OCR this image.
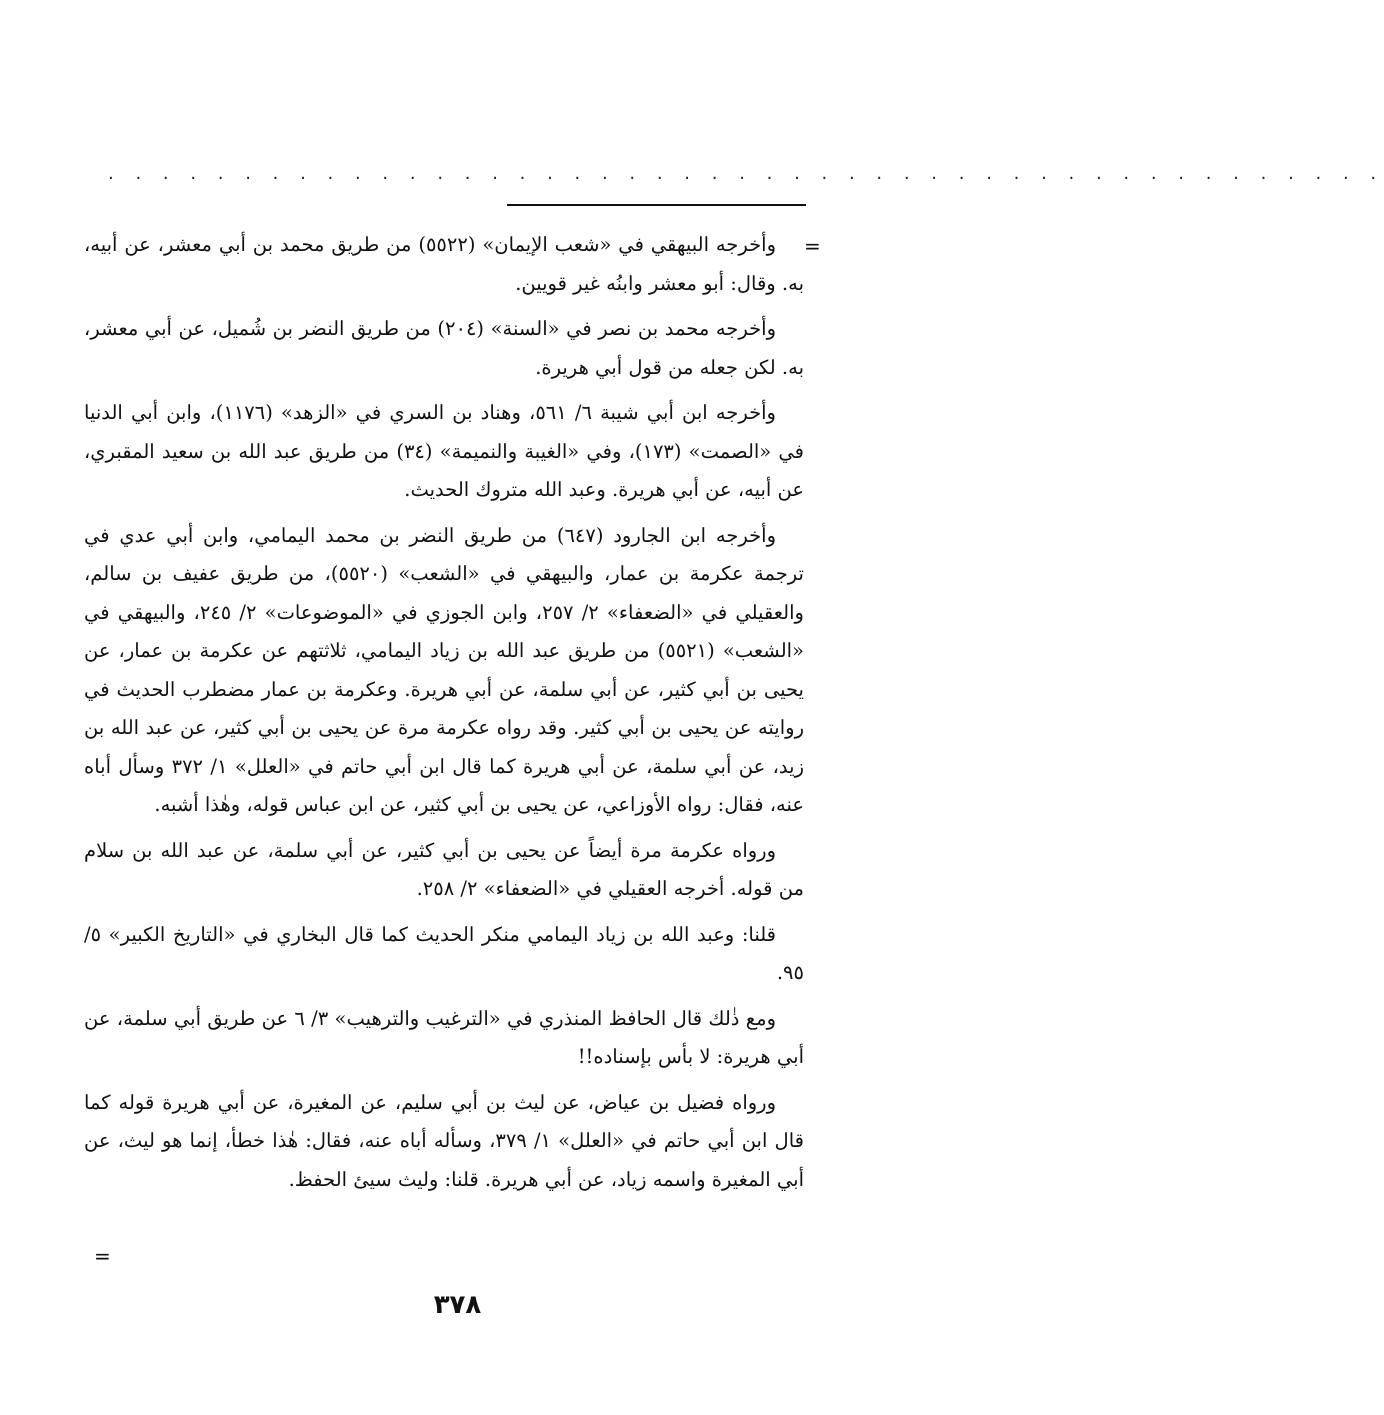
. . . . . . . . . . . . . . . . . . . . . . . . . . . . . . . . . . . . . . . . . . . . . . .
=

وأخرجه البيهقي في «شعب الإيمان» (٥٥٢٢) من طريق محمد بن أبي معشر، عن أبيه، به. وقال: أبو معشر وابنُه غير قويين.

وأخرجه محمد بن نصر في «السنة» (٢٠٤) من طريق النضر بن شُميل، عن أبي معشر، به. لكن جعله من قول أبي هريرة.

وأخرجه ابن أبي شيبة ٦/ ٥٦١، وهناد بن السري في «الزهد» (١١٧٦)، وابن أبي الدنيا في «الصمت» (١٧٣)، وفي «الغيبة والنميمة» (٣٤) من طريق عبد الله بن سعيد المقبري، عن أبيه، عن أبي هريرة. وعبد الله متروك الحديث.

وأخرجه ابن الجارود (٦٤٧) من طريق النضر بن محمد اليمامي، وابن أبي عدي في ترجمة عكرمة بن عمار، والبيهقي في «الشعب» (٥٥٢٠)، من طريق عفيف بن سالم، والعقيلي في «الضعفاء» ٢/ ٢٥٧، وابن الجوزي في «الموضوعات» ٢/ ٢٤٥، والبيهقي في «الشعب» (٥٥٢١) من طريق عبد الله بن زياد اليمامي، ثلاثتهم عن عكرمة بن عمار، عن يحيى بن أبي كثير، عن أبي سلمة، عن أبي هريرة. وعكرمة بن عمار مضطرب الحديث في روايته عن يحيى بن أبي كثير. وقد رواه عكرمة مرة عن يحيى بن أبي كثير، عن عبد الله بن زيد، عن أبي سلمة، عن أبي هريرة كما قال ابن أبي حاتم في «العلل» ١/ ٣٧٢ وسأل أباه عنه، فقال: رواه الأوزاعي، عن يحيى بن أبي كثير، عن ابن عباس قوله، وهٰذا أشبه.

ورواه عكرمة مرة أيضاً عن يحيى بن أبي كثير، عن أبي سلمة، عن عبد الله بن سلام من قوله. أخرجه العقيلي في «الضعفاء» ٢/ ٢٥٨.

قلنا: وعبد الله بن زياد اليمامي منكر الحديث كما قال البخاري في «التاريخ الكبير» ٥/ ٩٥.

ومع ذٰلك قال الحافظ المنذري في «الترغيب والترهيب» ٣/ ٦ عن طريق أبي سلمة، عن أبي هريرة: لا بأس بإسناده!!

ورواه فضيل بن عياض، عن ليث بن أبي سليم، عن المغيرة، عن أبي هريرة قوله كما قال ابن أبي حاتم في «العلل» ١/ ٣٧٩، وسأله أباه عنه، فقال: هٰذا خطأ، إنما هو ليث، عن أبي المغيرة واسمه زياد، عن أبي هريرة. قلنا: وليث سيئ الحفظ.

=
٣٧٨
